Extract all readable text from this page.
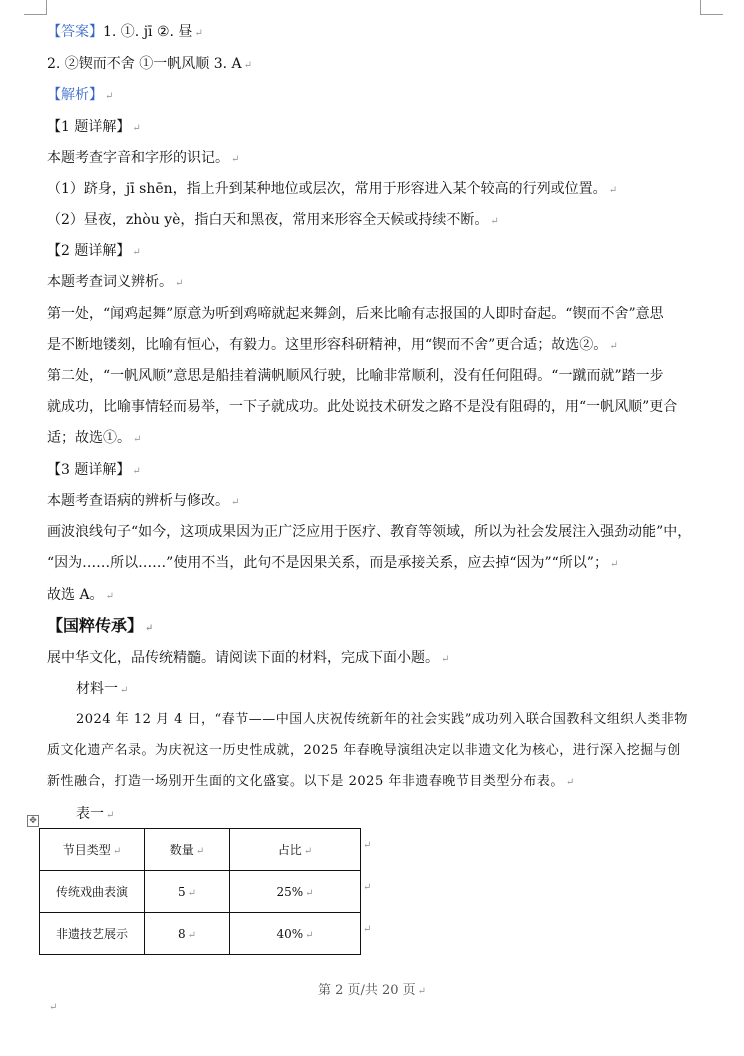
【答案】1. ①. jī ②. 昼 ↵
2. ②锲而不舍 ①一帆风顺 3. A ↵
【解析】 ↵
【1 题详解】 ↵
本题考查字音和字形的识记。 ↵
（1）跻身，jī shēn，指上升到某种地位或层次，常用于形容进入某个较高的行列或位置。 ↵
（2）昼夜，zhòu yè，指白天和黑夜，常用来形容全天候或持续不断。 ↵
【2 题详解】 ↵
本题考查词义辨析。 ↵
第一处，“闻鸡起舞”原意为听到鸡啼就起来舞剑，后来比喻有志报国的人即时奋起。“锲而不舍”意思
是不断地镂刻，比喻有恒心，有毅力。这里形容科研精神，用“锲而不舍”更合适；故选②。 ↵
第二处，“一帆风顺”意思是船挂着满帆顺风行驶，比喻非常顺利，没有任何阻碍。“一蹴而就”踏一步
就成功，比喻事情轻而易举，一下子就成功。此处说技术研发之路不是没有阻碍的，用“一帆风顺”更合
适；故选①。 ↵
【3 题详解】 ↵
本题考查语病的辨析与修改。 ↵
画波浪线句子“如今，这项成果因为正广泛应用于医疗、教育等领域，所以为社会发展注入强劲动能”中，
“因为……所以……”使用不当，此句不是因果关系，而是承接关系，应去掉“因为”“所以”； ↵
故选 A。 ↵
【国粹传承】 ↵
展中华文化，品传统精髓。请阅读下面的材料，完成下面小题。 ↵
材料一 ↵
2024 年 12 月 4 日，“春节——中国人庆祝传统新年的社会实践”成功列入联合国教科文组织人类非物
质文化遗产名录。为庆祝这一历史性成就，2025 年春晚导演组决定以非遗文化为核心，进行深入挖掘与创
新性融合，打造一场别开生面的文化盛宴。以下是 2025 年非遗春晚节目类型分布表。 ↵
表一 ↵
✥
节目类型 ↵	数量 ↵	占比 ↵
传统戏曲表演	5 ↵	25% ↵
非遗技艺展示	8 ↵	40% ↵
↵
↵
↵
第 2 页/共 20 页 ↵
↵
